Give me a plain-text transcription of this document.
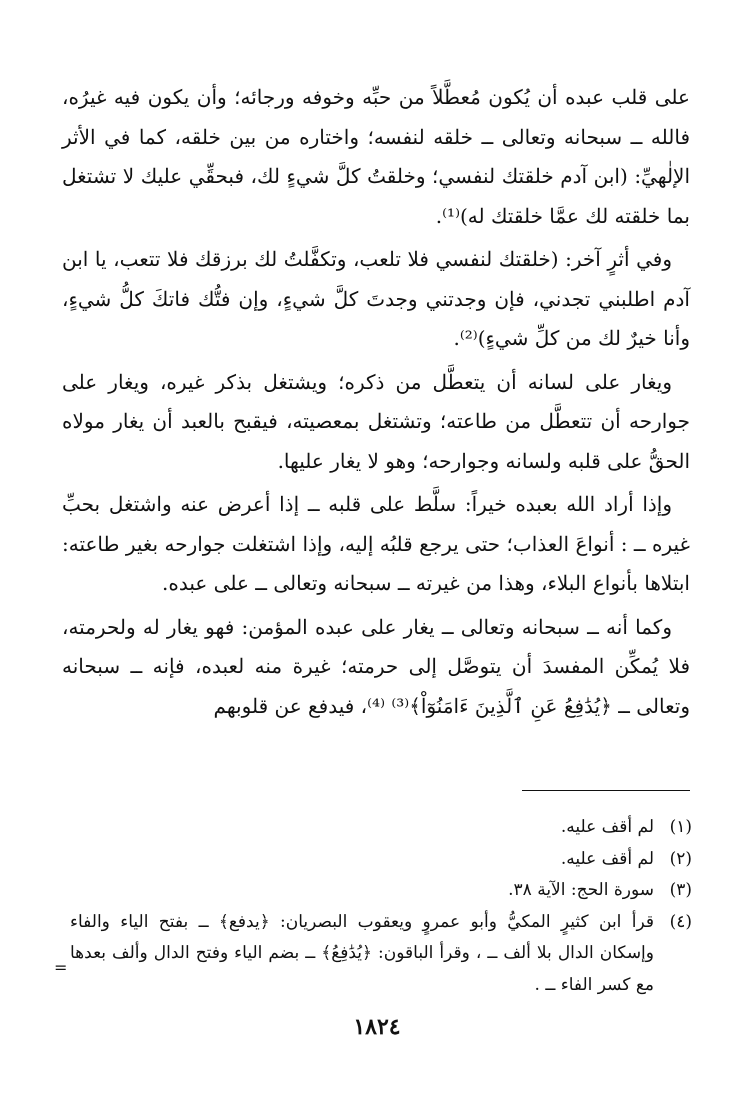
على قلب عبده أن يُكون مُعطَّلاً من حبِّه وخوفه ورجائه؛ وأن يكون فيه غيرُه، فالله ــ سبحانه وتعالى ــ خلقه لنفسه؛ واختاره من بين خلقه، كما في الأثر الإلٰهيِّ: (ابن آدم خلقتك لنفسي؛ وخلقتُ كلَّ شيءٍ لك، فبحقِّي عليك لا تشتغل بما خلقته لك عمَّا خلقتك له)⁽¹⁾.

وفي أثرٍ آخر: (خلقتك لنفسي فلا تلعب، وتكفَّلتُ لك برزقك فلا تتعب، يا ابن آدم اطلبني تجدني، فإن وجدتني وجدتَ كلَّ شيءٍ، وإن فتُّك فاتكَ كلُّ شيءٍ، وأنا خيرٌ لك من كلِّ شيءٍ)⁽²⁾.

ويغار على لسانه أن يتعطَّل من ذكره؛ ويشتغل بذكر غيره، ويغار على جوارحه أن تتعطَّل من طاعته؛ وتشتغل بمعصيته، فيقبح بالعبد أن يغار مولاه الحقُّ على قلبه ولسانه وجوارحه؛ وهو لا يغار عليها.

وإذا أراد الله بعبده خيراً: سلَّط على قلبه ــ إذا أعرض عنه واشتغل بحبِّ غيره ــ : أنواعَ العذاب؛ حتى يرجع قلبُه إليه، وإذا اشتغلت جوارحه بغير طاعته: ابتلاها بأنواع البلاء، وهذا من غيرته ــ سبحانه وتعالى ــ على عبده.

وكما أنه ــ سبحانه وتعالى ــ يغار على عبده المؤمن: فهو يغار له ولحرمته، فلا يُمكِّن المفسدَ أن يتوصَّل إلى حرمته؛ غيرة منه لعبده، فإنه ــ سبحانه وتعالى ــ ﴿يُدَٰفِعُ عَنِ ٱلَّذِينَ ءَامَنُوٓاْ﴾⁽³⁾ ⁽⁴⁾، فيدفع عن قلوبهم

(١)
لم أقف عليه.
(٢)
لم أقف عليه.
(٣)
سورة الحج: الآية ٣٨.
(٤)
قرأ ابن كثيرٍ المكيُّ وأبو عمروٍ ويعقوب البصريان: ﴿يدفع﴾ ــ بفتح الياء والفاء وإسكان الدال بلا ألف ــ ، وقرأ الباقون: ﴿يُدَٰفِعُ﴾ ــ بضم الياء وفتح الدال وألف بعدها مع كسر الفاء ــ .
=
١٨٢٤
